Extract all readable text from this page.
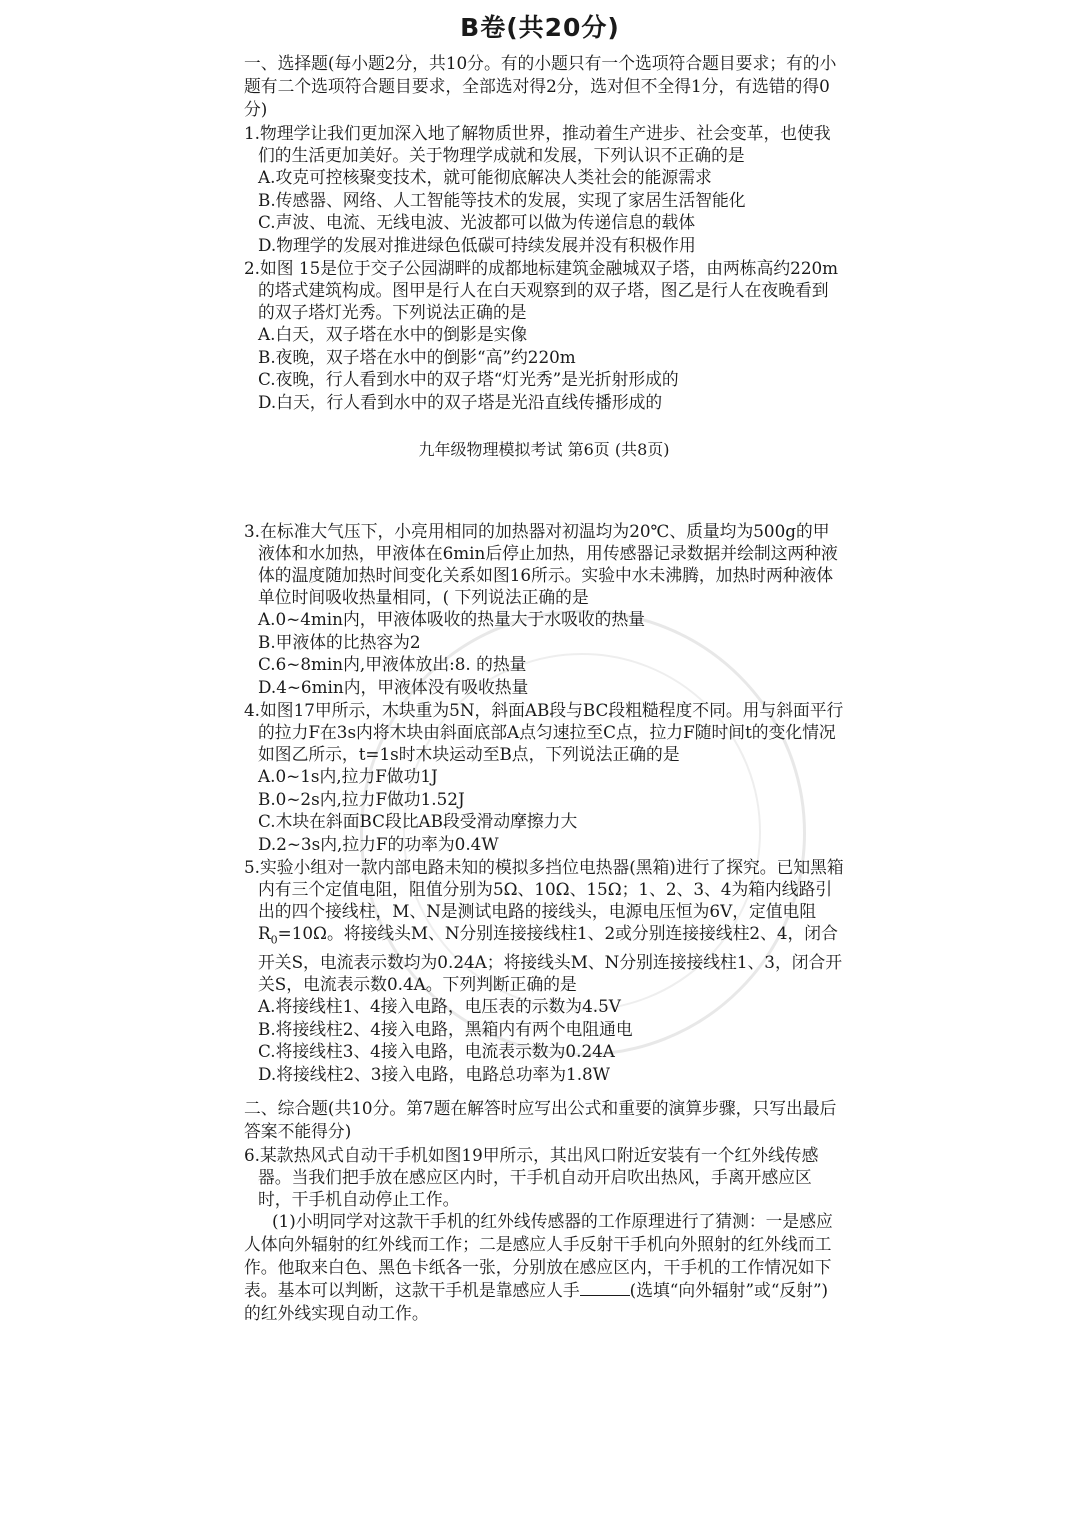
B卷(共20分)
一、选择题(每小题2分，共10分。有的小题只有一个选项符合题目要求；有的小题有二个选项符合题目要求，全部选对得2分，选对但不全得1分，有选错的得0分)
1.物理学让我们更加深入地了解物质世界，推动着生产进步、社会变革，也使我们的生活更加美好。关于物理学成就和发展，下列认识不正确的是
A.攻克可控核聚变技术，就可能彻底解决人类社会的能源需求
B.传感器、网络、人工智能等技术的发展，实现了家居生活智能化
C.声波、电流、无线电波、光波都可以做为传递信息的载体
D.物理学的发展对推进绿色低碳可持续发展并没有积极作用
2.如图 15是位于交子公园湖畔的成都地标建筑金融城双子塔，由两栋高约220m的塔式建筑构成。图甲是行人在白天观察到的双子塔，图乙是行人在夜晚看到的双子塔灯光秀。下列说法正确的是
A.白天，双子塔在水中的倒影是实像
B.夜晚，双子塔在水中的倒影“高”约220m
C.夜晚，行人看到水中的双子塔“灯光秀”是光折射形成的
D.白天，行人看到水中的双子塔是光沿直线传播形成的
九年级物理模拟考试 第6页 (共8页)
3.在标准大气压下，小亮用相同的加热器对初温均为20℃、质量均为500g的甲液体和水加热，甲液体在6min后停止加热，用传感器记录数据并绘制这两种液体的温度随加热时间变化关系如图16所示。实验中水未沸腾，加热时两种液体单位时间吸收热量相同，( 下列说法正确的是
A.0~4min内，甲液体吸收的热量大于水吸收的热量
B.甲液体的比热容为2
C.6~8min内,甲液体放出:8. 的热量
D.4~6min内，甲液体没有吸收热量
4.如图17甲所示，木块重为5N，斜面AB段与BC段粗糙程度不同。用与斜面平行的拉力F在3s内将木块由斜面底部A点匀速拉至C点，拉力F随时间t的变化情况如图乙所示，t=1s时木块运动至B点，下列说法正确的是
A.0~1s内,拉力F做功1J
B.0~2s内,拉力F做功1.52J
C.木块在斜面BC段比AB段受滑动摩擦力大
D.2~3s内,拉力F的功率为0.4W
5.实验小组对一款内部电路未知的模拟多挡位电热器(黑箱)进行了探究。已知黑箱内有三个定值电阻，阻值分别为5Ω、10Ω、15Ω；1、2、3、4为箱内线路引出的四个接线柱，M、N是测试电路的接线头，电源电压恒为6V，定值电阻$R_0=10\Omega$。将接线头M、N分别连接接线柱1、2或分别连接接线柱2、4，闭合开关S，电流表示数均为0.24A；将接线头M、N分别连接接线柱1、3，闭合开关S，电流表示数0.4A。下列判断正确的是
A.将接线柱1、4接入电路，电压表的示数为4.5V
B.将接线柱2、4接入电路，黑箱内有两个电阻通电
C.将接线柱3、4接入电路，电流表示数为0.24A
D.将接线柱2、3接入电路，电路总功率为1.8W
二、综合题(共10分。第7题在解答时应写出公式和重要的演算步骤，只写出最后答案不能得分)
6.某款热风式自动干手机如图19甲所示，其出风口附近安装有一个红外线传感器。当我们把手放在感应区内时，干手机自动开启吹出热风，手离开感应区时，干手机自动停止工作。
(1)小明同学对这款干手机的红外线传感器的工作原理进行了猜测：一是感应人体向外辐射的红外线而工作；二是感应人手反射干手机向外照射的红外线而工作。他取来白色、黑色卡纸各一张，分别放在感应区内，干手机的工作情况如下表。基本可以判断，这款干手机是靠感应人手	(选填“向外辐射”或“反射”)的红外线实现自动工作。
